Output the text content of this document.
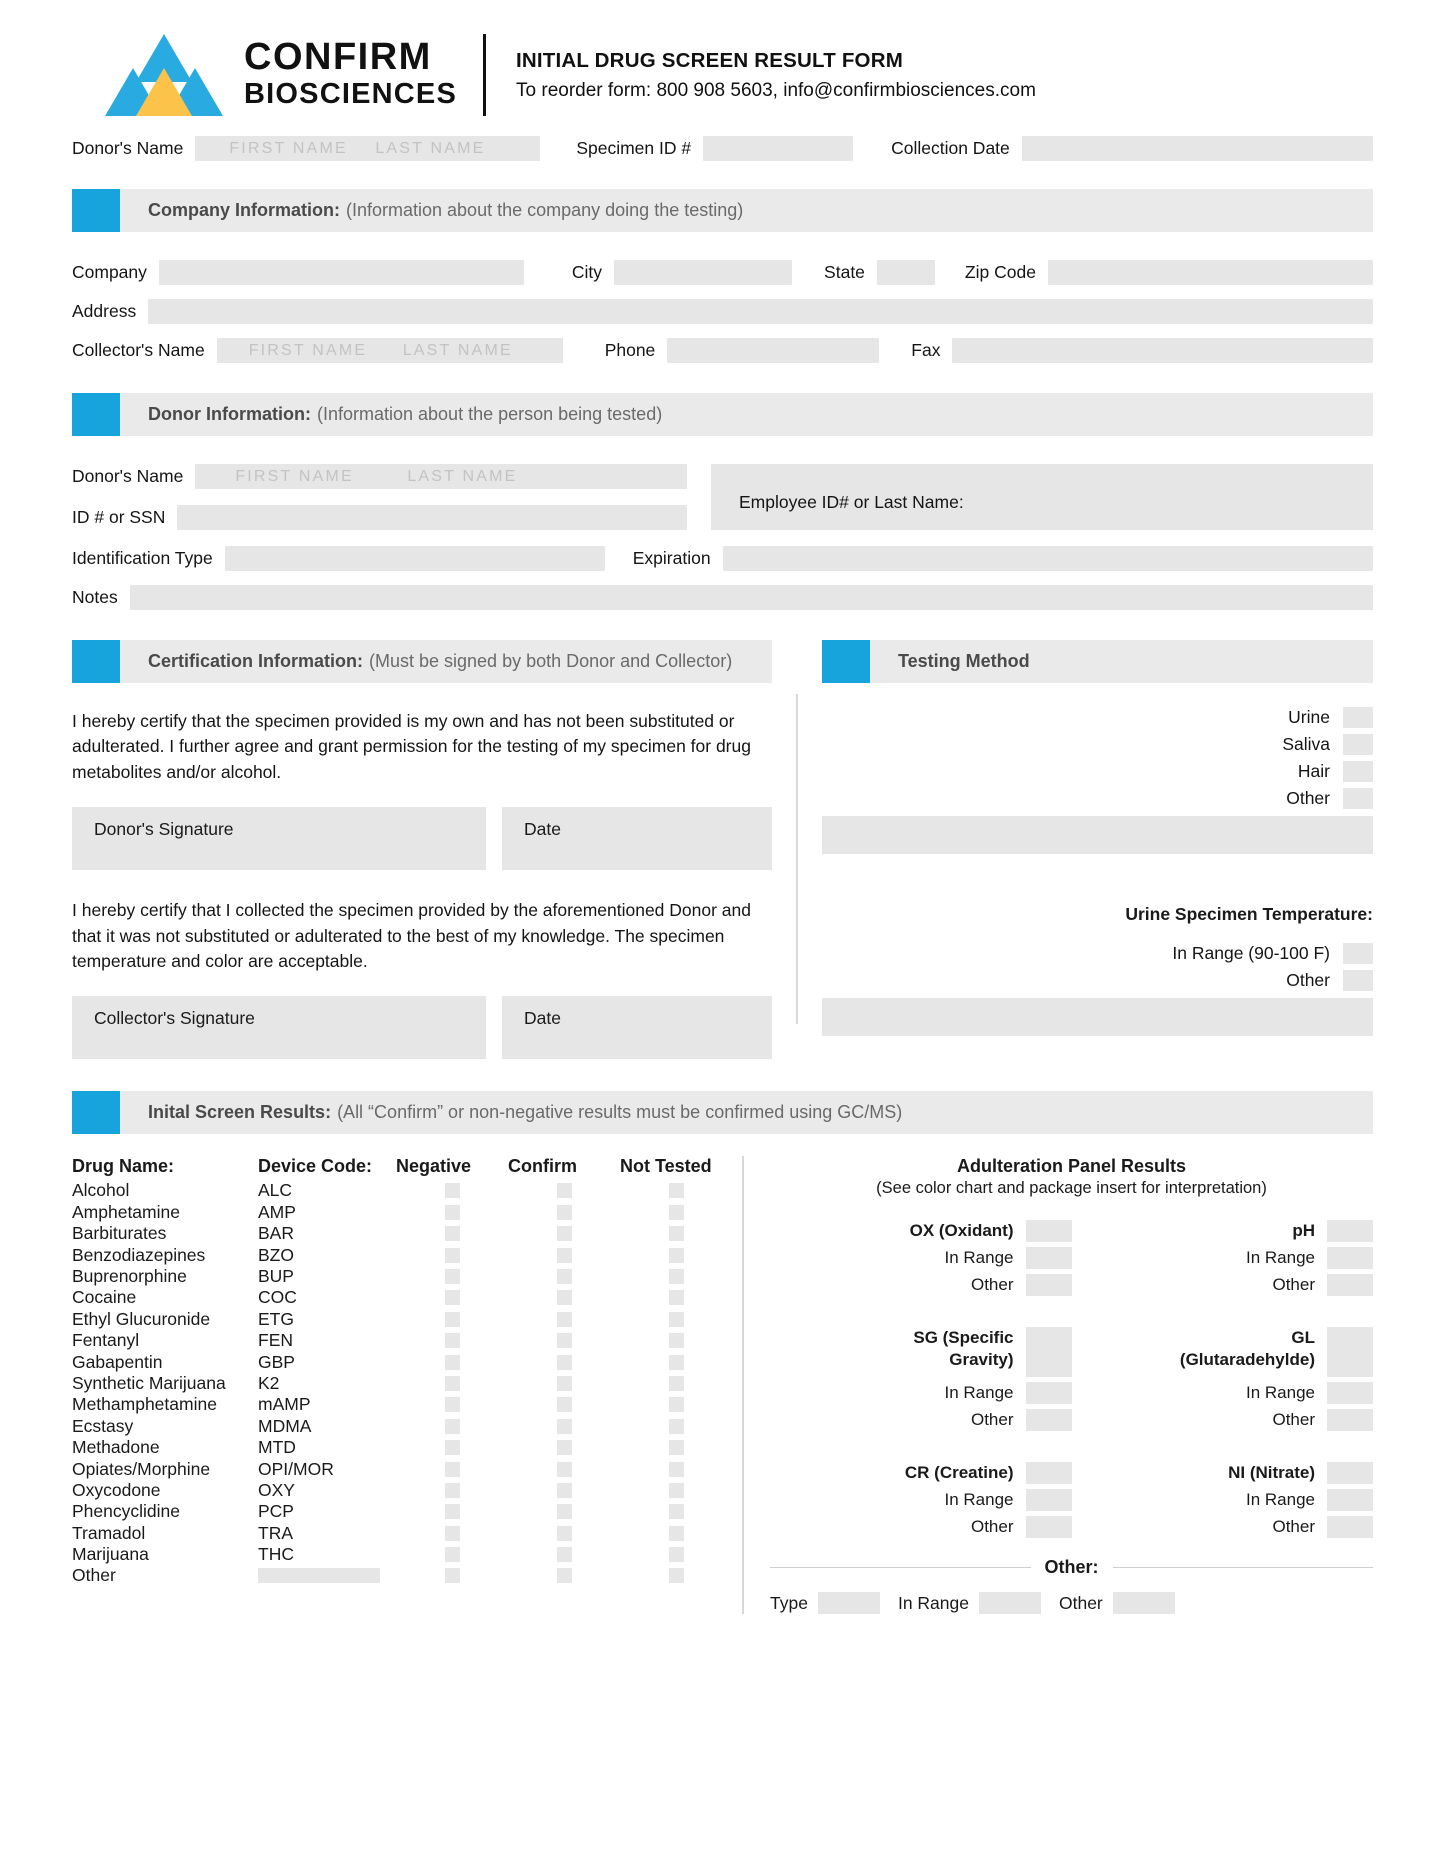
CONFIRM
BIOSCIENCES
INITIAL DRUG SCREEN RESULT FORM
To reorder form: 800 908 5603, info@confirmbiosciences.com
Donor's Name	FIRST NAME LAST NAME	Specimen ID #	Collection Date
Company Information: (Information about the company doing the testing)
Company	City	State	Zip Code
Address
Collector's Name	FIRST NAME LAST NAME	Phone	Fax
Donor Information: (Information about the person being tested)
Donor's Name	FIRST NAME	LAST NAME
ID # or SSN
Employee ID# or Last Name:
Identification Type	Expiration
Notes
Certification Information: (Must be signed by both Donor and Collector)
I hereby certify that the specimen provided is my own and has not been substituted or adulterated. I further agree and grant permission for the testing of my specimen for drug metabolites and/or alcohol.
Donor's Signature	Date
I hereby certify that I collected the specimen provided by the aforementioned Donor and that it was not substituted or adulterated to the best of my knowledge. The specimen temperature and color are acceptable.
Collector's Signature	Date
Testing Method
Urine
Saliva
Hair
Other
Urine Specimen Temperature:
In Range (90-100 F)
Other
Inital Screen Results: (All “Confirm” or non-negative results must be confirmed using GC/MS)
Drug Name:	Device Code:	Negative	Confirm	Not Tested
Alcohol	ALC
Amphetamine	AMP
Barbiturates	BAR
Benzodiazepines	BZO
Buprenorphine	BUP
Cocaine	COC
Ethyl Glucuronide	ETG
Fentanyl	FEN
Gabapentin	GBP
Synthetic Marijuana	K2
Methamphetamine	mAMP
Ecstasy	MDMA
Methadone	MTD
Opiates/Morphine	OPI/MOR
Oxycodone	OXY
Phencyclidine	PCP
Tramadol	TRA
Marijuana	THC
Other
Adulteration Panel Results
(See color chart and package insert for interpretation)
OX (Oxidant)
In Range
Other
pH
In Range
Other
SG (Specific
Gravity)
In Range
Other
GL
(Glutaradehylde)
In Range
Other
CR (Creatine)
In Range
Other
NI (Nitrate)
In Range
Other
Other:
Type	In Range	Other
